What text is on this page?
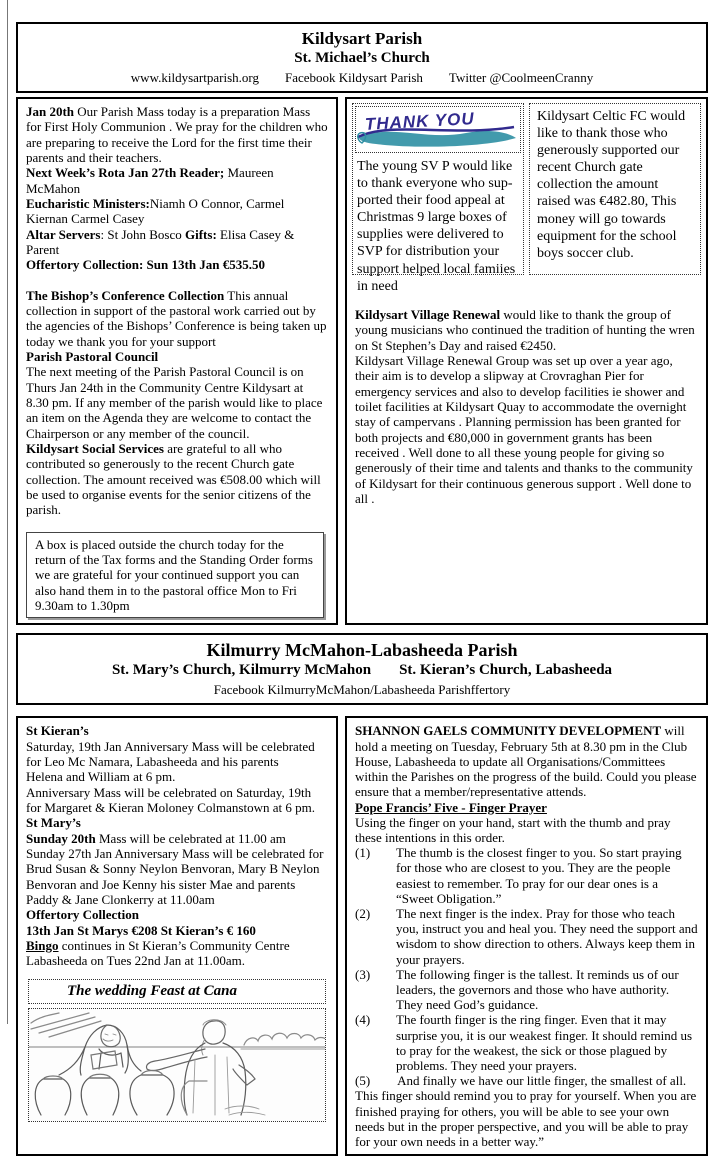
Kildysart Parish
St. Michael’s Church
www.kildysartparish.org Facebook Kildysart Parish Twitter @CoolmeenCranny

Jan 20th Our Parish Mass today is a preparation Mass for First Holy Communion . We pray for the children who are preparing to receive the Lord for the first time their parents and their teachers.

Next Week’s Rota Jan 27th Reader; Maureen McMahon

Eucharistic Ministers:Niamh O Connor, Carmel Kiernan Carmel Casey

Altar Servers: St John Bosco Gifts: Elisa Casey & Parent

Offertory Collection: Sun 13th Jan €535.50

The Bishop’s Conference Collection This annual collection in support of the pastoral work carried out by the agencies of the Bishops’ Conference is being taken up today we thank you for your support

Parish Pastoral Council

The next meeting of the Parish Pastoral Council is on Thurs Jan 24th in the Community Centre Kildysart at 8.30 pm. If any member of the parish would like to place an item on the Agenda they are welcome to contact the Chairperson or any member of the council.

Kildysart Social Services are grateful to all who contributed so generously to the recent Church gate collection. The amount received was €508.00 which will be used to organise events for the senior citizens of the parish.

A box is placed outside the church today for the return of the Tax forms and the Standing Order forms we are grateful for your continued support you can also hand them in to the pastoral office Mon to Fri 9.30am to 1.30pm

THANK YOU

The young SV P would like to thank everyone who sup-ported their food appeal at Christmas 9 large boxes of supplies were delivered to SVP for distribution your support helped local famiies in need

Kildysart Celtic FC would like to thank those who generously supported our recent Church gate collection the amount raised was €482.80, This money will go towards equipment for the school boys soccer club.

Kildysart Village Renewal would like to thank the group of young musicians who continued the tradition of hunting the wren on St Stephen’s Day and raised €2450.

Kildysart Village Renewal Group was set up over a year ago, their aim is to develop a slipway at Crovraghan Pier for emergency services and also to develop facilities ie shower and toilet facilities at Kildysart Quay to accommodate the overnight stay of campervans . Planning permission has been granted for both projects and €80,000 in government grants has been received . Well done to all these young people for giving so generously of their time and talents and thanks to the community of Kildysart for their continuous generous support . Well done to all .

Kilmurry McMahon-Labasheeda Parish
St. Mary’s Church, Kilmurry McMahon St. Kieran’s Church, Labasheeda
Facebook KilmurryMcMahon/Labasheeda Parishffertory

St Kieran’s

Saturday, 19th Jan Anniversary Mass will be celebrated for Leo Mc Namara, Labasheeda and his parents

Helena and William at 6 pm.

Anniversary Mass will be celebrated on Saturday, 19th for Margaret & Kieran Moloney Colmanstown at 6 pm.

St Mary’s

Sunday 20th Mass will be celebrated at 11.00 am

Sunday 27th Jan Anniversary Mass will be celebrated for Brud Susan & Sonny Neylon Benvoran, Mary B Neylon Benvoran and Joe Kenny his sister Mae and parents Paddy & Jane Clonkerry at 11.00am

Offertory Collection

13th Jan St Marys €208 St Kieran’s € 160

Bingo continues in St Kieran’s Community Centre

Labasheeda on Tues 22nd Jan at 11.00am.

The wedding Feast at Cana

SHANNON GAELS COMMUNITY DEVELOPMENT will hold a meeting on Tuesday, February 5th at 8.30 pm in the Club House, Labasheeda to update all Organisations/Committees within the Parishes on the progress of the build. Could you please ensure that a member/representative attends.

Pope Francis’ Five - Finger Prayer

Using the finger on your hand, start with the thumb and pray these intentions in this order.

(1)	The thumb is the closest finger to you. So start praying for those who are closest to you. They are the people easiest to remember. To pray for our dear ones is a “Sweet Obligation.”
(2)	The next finger is the index. Pray for those who teach you, instruct you and heal you. They need the support and wisdom to show direction to others. Always keep them in your prayers.
(3)	The following finger is the tallest. It reminds us of our leaders, the governors and those who have authority. They need God’s guidance.
(4)	The fourth finger is the ring finger. Even that it may surprise you, it is our weakest finger. It should remind us to pray for the weakest, the sick or those plagued by problems. They need your prayers.

(5) And finally we have our little finger, the smallest of all. This finger should remind you to pray for yourself. When you are finished praying for others, you will be able to see your own needs but in the proper perspective, and you will be able to pray for your own needs in a better way.”
